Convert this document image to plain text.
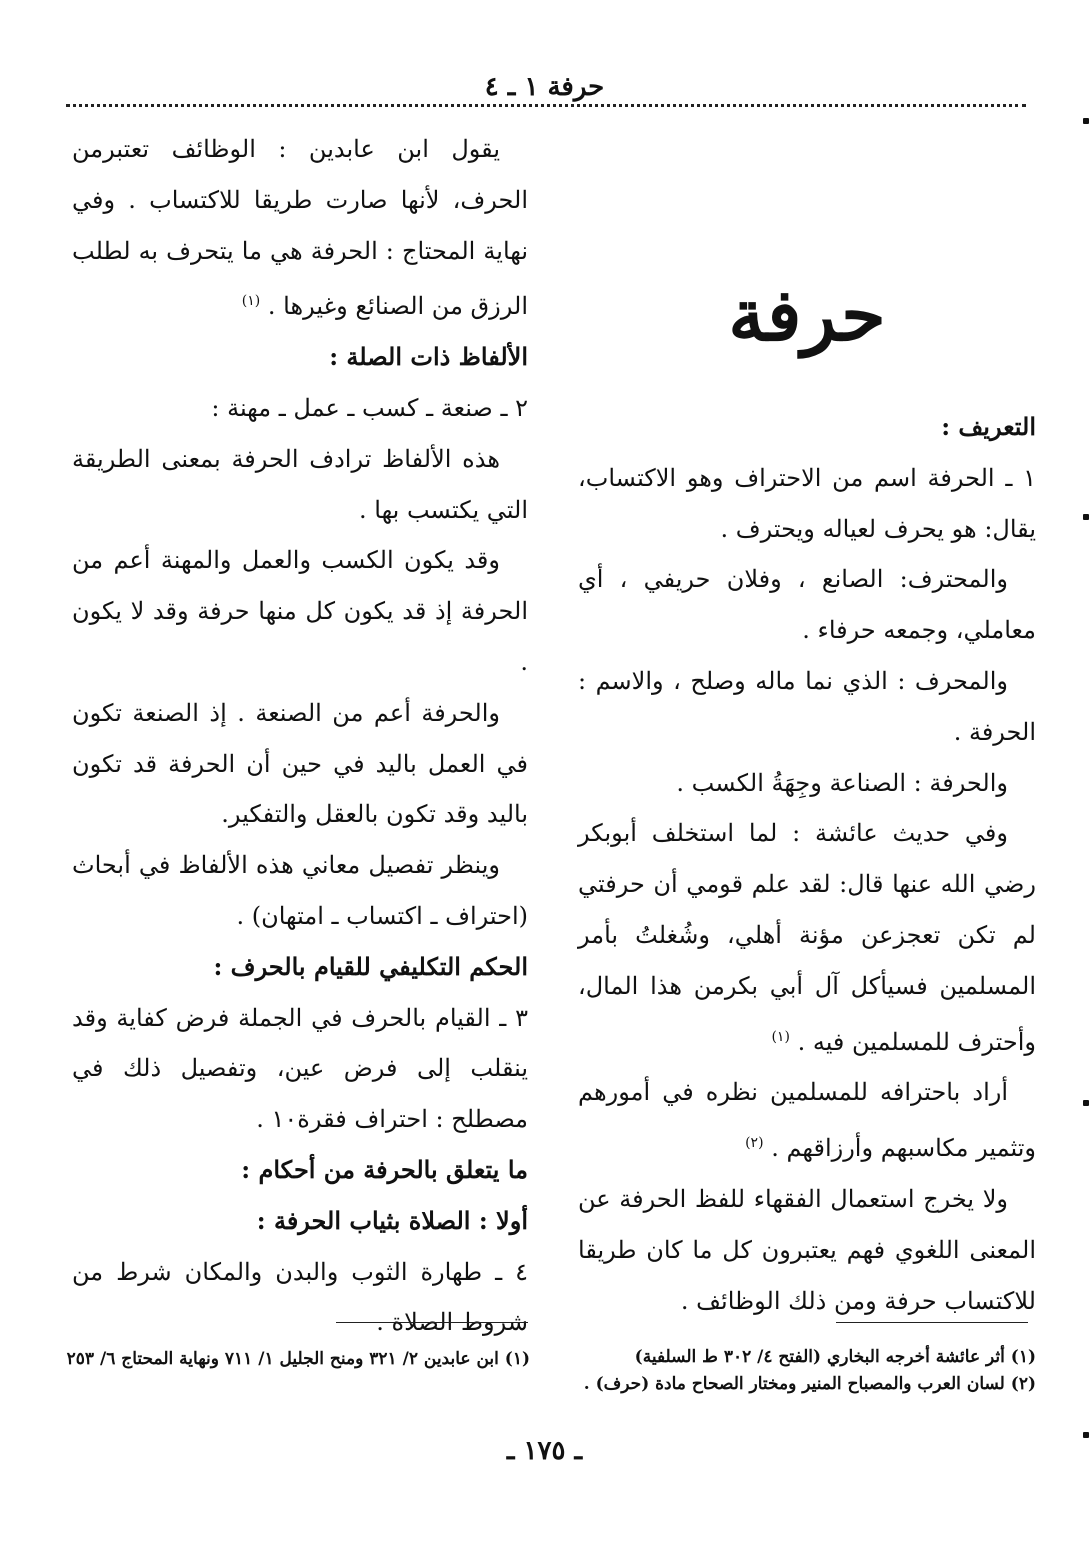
حرفة ١ ـ ٤
حرفة

التعريف :

١ ـ الحرفة اسم من الاحتراف وهو الاكتساب، يقال: هو يحرف لعياله ويحترف .

والمحترف: الصانع ، وفلان حريفي ، أي معاملي، وجمعه حرفاء .

والمحرف : الذي نما ماله وصلح ، والاسم : الحرفة .

والحرفة : الصناعة وجِهَةُ الكسب .

وفي حديث عائشة : لما استخلف أبوبكر رضي الله عنها قال: لقد علم قومي أن حرفتي لم تكن تعجزعن مؤنة أهلي، وشُغلتُ بأمر المسلمين فسيأكل آل أبي بكرمن هذا المال، وأحترف للمسلمين فيه . $^{(١)}$

أراد باحترافه للمسلمين نظره في أمورهم وتثمير مكاسبهم وأرزاقهم . $^{(٢)}$

ولا يخرج استعمال الفقهاء للفظ الحرفة عن المعنى اللغوي فهم يعتبرون كل ما كان طريقا للاكتساب حرفة ومن ذلك الوظائف .

يقول ابن عابدين : الوظائف تعتبرمن الحرف، لأنها صارت طريقا للاكتساب . وفي نهاية المحتاج : الحرفة هي ما يتحرف به لطلب الرزق من الصنائع وغيرها . $^{(١)}$

الألفاظ ذات الصلة :

٢ ـ صنعة ـ كسب ـ عمل ـ مهنة :

هذه الألفاظ ترادف الحرفة بمعنى الطريقة التي يكتسب بها .

وقد يكون الكسب والعمل والمهنة أعم من الحرفة إذ قد يكون كل منها حرفة وقد لا يكون .

والحرفة أعم من الصنعة . إذ الصنعة تكون في العمل باليد في حين أن الحرفة قد تكون باليد وقد تكون بالعقل والتفكير.

وينظر تفصيل معاني هذه الألفاظ في أبحاث (احتراف ـ اكتساب ـ امتهان) .

الحكم التكليفي للقيام بالحرف :

٣ ـ القيام بالحرف في الجملة فرض كفاية وقد ينقلب إلى فرض عين، وتفصيل ذلك في مصطلح : احتراف فقرة١٠ .

ما يتعلق بالحرفة من أحكام :

أولا : الصلاة بثياب الحرفة :

٤ ـ طهارة الثوب والبدن والمكان شرط من شروط الصلاة .

(١) أثر عائشة أخرجه البخاري (الفتح ٤/ ٣٠٢ ط السلفية)

(٢) لسان العرب والمصباح المنير ومختار الصحاح مادة (حرف) .

(١) ابن عابدين ٢/ ٣٢١ ومنح الجليل ١/ ٧١١ ونهاية المحتاج ٦/ ٢٥٣

ـ ١٧٥ ـ
